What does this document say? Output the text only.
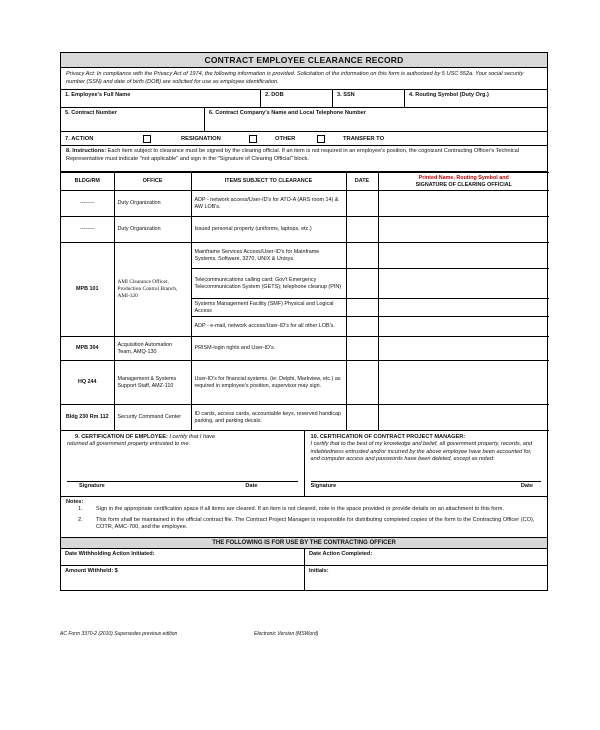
CONTRACT EMPLOYEE CLEARANCE RECORD
Privacy Act: In compliance with the Privacy Act of 1974, the following information is provided. Solicitation of the information on this form is authorized by 5 USC 552a. Your social security number (SSN) and date of birth (DOB) are solicited for use as employee identification.
1. Employee's Full Name	2. DOB	3. SSN	4. Routing Symbol (Duty Org.)
5. Contract Number	6. Contract Company's Name and Local Telephone Number
7. ACTION	RESIGNATION	OTHER	TRANSFER TO
8. Instructions: Each item subject to clearance must be signed by the clearing official. If an item is not required in an employee's position, the cognizant Contracting Officer's Technical Representative must indicate "not applicable" and sign in the "Signature of Clearing Official" block.
BLDG/RM	OFFICE	ITEMS SUBJECT TO CLEARANCE	DATE	Printed Name, Routing Symbol and
SIGNATURE OF CLEARING OFFICIAL

--------	Duty Organization	ADP - network access/User-ID's for ATO-A (ARS room 14) & AW LOB's.		
--------	Duty Organization	Issued personal property (uniforms, laptops, etc.)		
MPB 101	AMI Clearance Officer, Production Control Branch, AMI-320	Mainframe Services Access/User-ID's for Mainframe Systems, Software, 3270, UNIX & Unisys.		
		Telecommunications calling card; Gov't Emergency Telecommunication System (GETS); telephone cleanup (PIN)		
		Systems Management Facility (SMF) Physical and Logical Access		
		ADP - e-mail, network access/User-ID's for all other LOB's.		
MPB 304	Acquisition Automation Team, AMQ-130	PRISM-login rights and User-ID's.		
HQ 244	Management & Systems Support Staff, AMZ-110	User-ID's for financial systems. (ie: Delphi, Markview, etc.) as required in employee's position, supervisor may sign.		
Bldg 230 Rm 112	Security Command Center	ID cards, access cards, accountable keys, reserved handicap parking, and parking decals.		
9. CERTIFICATION OF EMPLOYEE: I certify that I have
returned all government property entrusted to me.
Signature	Date
10. CERTIFICATION OF CONTRACT PROJECT MANAGER:
I certify that to the best of my knowledge and belief, all government property, records, and indebtedness entrusted and/or incurred by the above employee have been accounted for, and computer access and passwords have been deleted, except as noted:
Signature	Date
Notes:
1.	Sign in the appropriate certification space if all items are cleared. If an item is not cleared, note in the space provided or provide details on an attachment to this form.
2.	This form shall be maintained in the official contract file. The Contract Project Manager is responsible for distributing completed copies of the form to the Contracting Officer (CO), COTR, AMC-700, and the employee.
THE FOLLOWING IS FOR USE BY THE CONTRACTING OFFICER
Date Withholding Action Initiated:	Date Action Completed:
Amount Withheld: $	Initials:
AC Form 3370-2 (2010) Supersedes previous edition	Electronic Version (MSWord)
